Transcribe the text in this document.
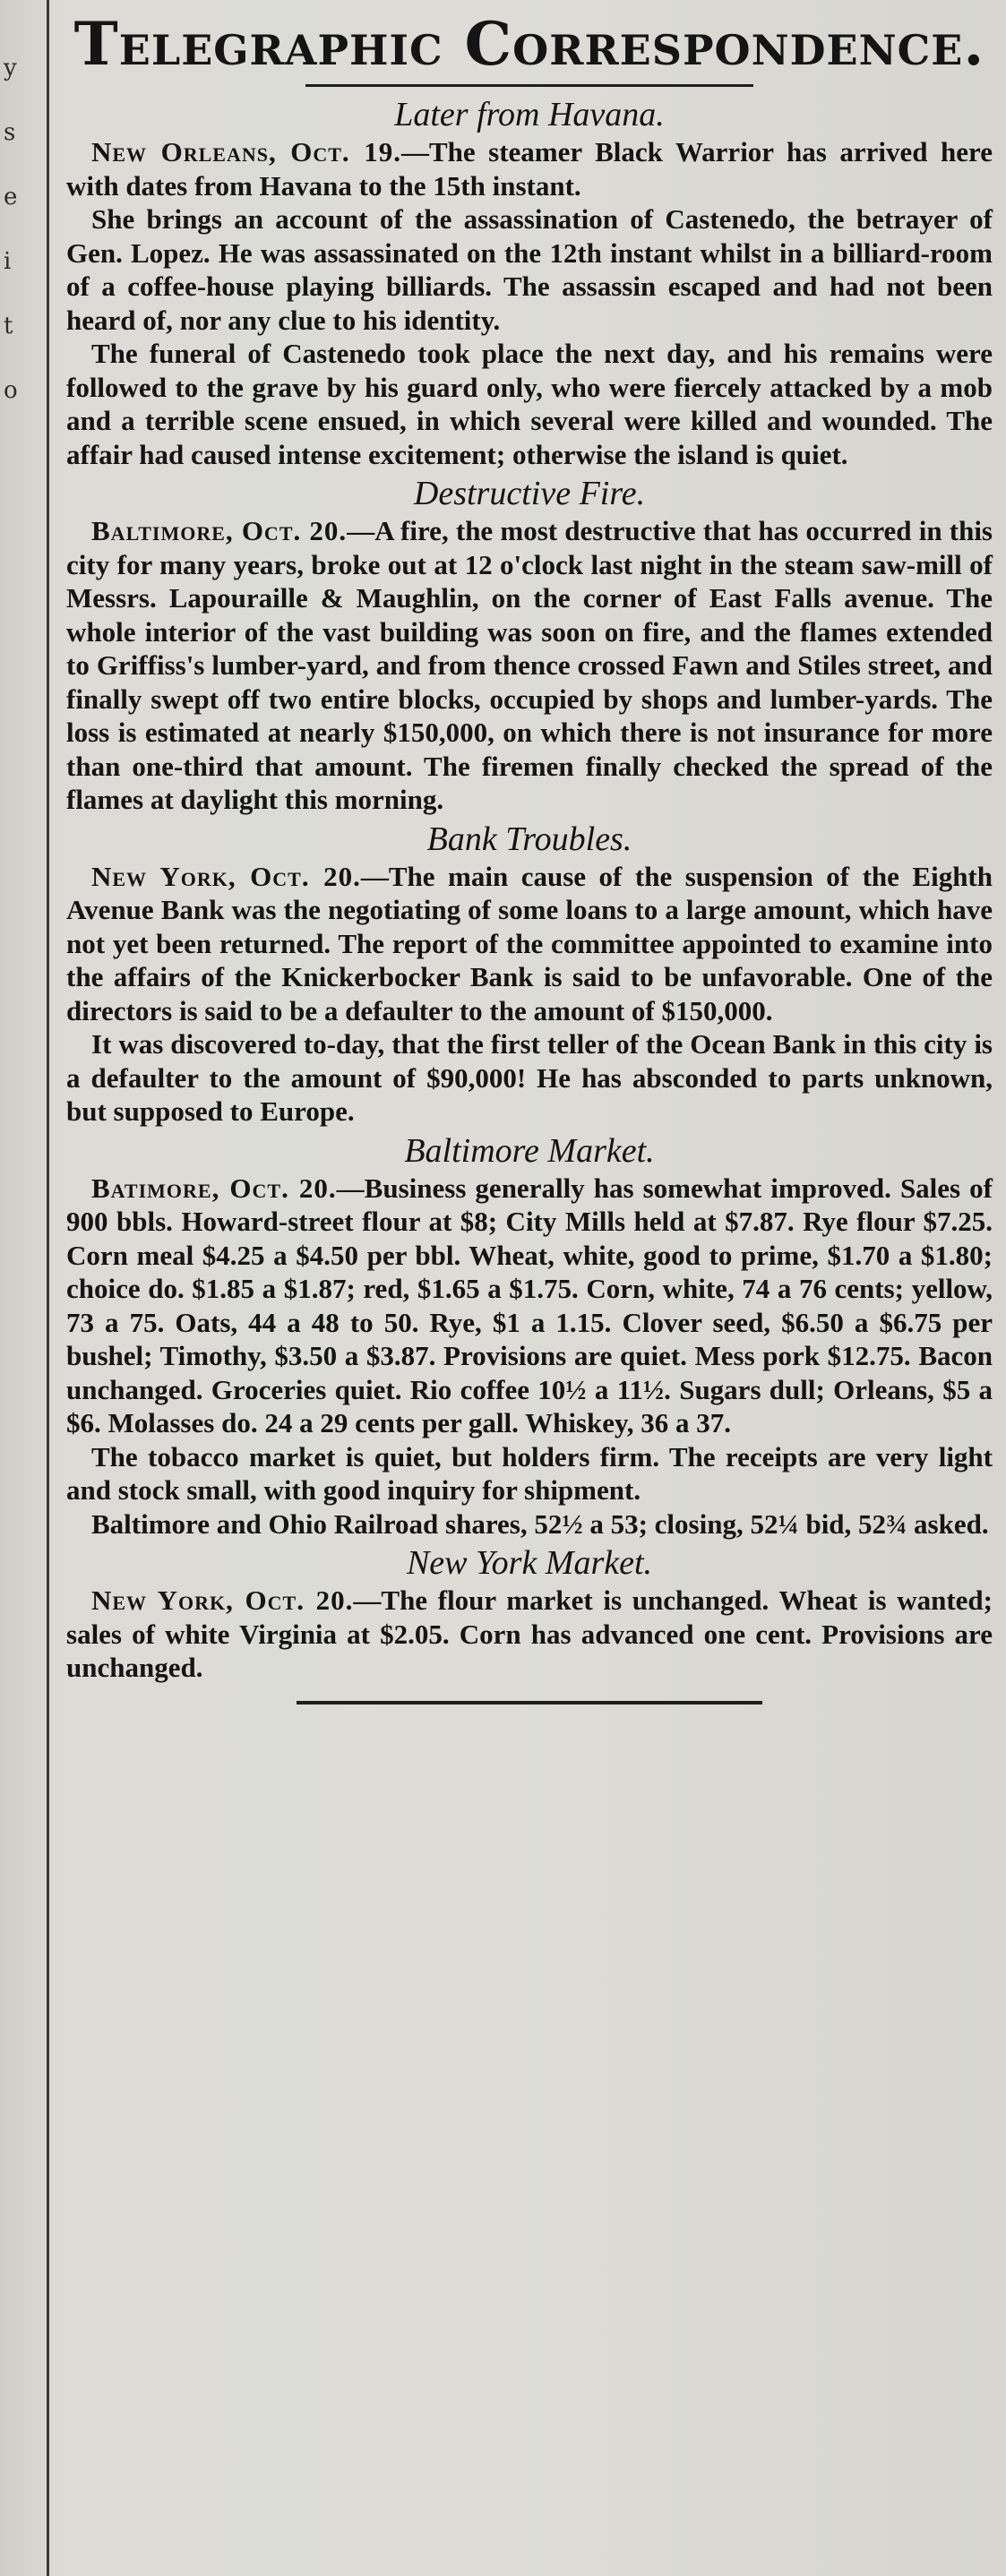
y
s
e
i
t
o
Telegraphic Correspondence.
Later from Havana.

New Orleans, Oct. 19.—The steamer Black Warrior has arrived here with dates from Havana to the 15th instant.

She brings an account of the assassination of Castenedo, the betrayer of Gen. Lopez. He was assassinated on the 12th instant whilst in a billiard-room of a coffee-house playing billiards. The assassin escaped and had not been heard of, nor any clue to his identity.

The funeral of Castenedo took place the next day, and his remains were followed to the grave by his guard only, who were fiercely attacked by a mob and a terrible scene ensued, in which several were killed and wounded. The affair had caused intense excitement; otherwise the island is quiet.

Destructive Fire.

Baltimore, Oct. 20.—A fire, the most destructive that has occurred in this city for many years, broke out at 12 o'clock last night in the steam saw-mill of Messrs. Lapouraille & Maughlin, on the corner of East Falls avenue. The whole interior of the vast building was soon on fire, and the flames extended to Griffiss's lumber-yard, and from thence crossed Fawn and Stiles street, and finally swept off two entire blocks, occupied by shops and lumber-yards. The loss is estimated at nearly $150,000, on which there is not insurance for more than one-third that amount. The firemen finally checked the spread of the flames at daylight this morning.

Bank Troubles.

New York, Oct. 20.—The main cause of the suspension of the Eighth Avenue Bank was the negotiating of some loans to a large amount, which have not yet been returned. The report of the committee appointed to examine into the affairs of the Knickerbocker Bank is said to be unfavorable. One of the directors is said to be a defaulter to the amount of $150,000.

It was discovered to-day, that the first teller of the Ocean Bank in this city is a defaulter to the amount of $90,000! He has absconded to parts unknown, but supposed to Europe.

Baltimore Market.

Batimore, Oct. 20.—Business generally has somewhat improved. Sales of 900 bbls. Howard-street flour at $8; City Mills held at $7.87. Rye flour $7.25. Corn meal $4.25 a $4.50 per bbl. Wheat, white, good to prime, $1.70 a $1.80; choice do. $1.85 a $1.87; red, $1.65 a $1.75. Corn, white, 74 a 76 cents; yellow, 73 a 75. Oats, 44 a 48 to 50. Rye, $1 a 1.15. Clover seed, $6.50 a $6.75 per bushel; Timothy, $3.50 a $3.87. Provisions are quiet. Mess pork $12.75. Bacon unchanged. Groceries quiet. Rio coffee 10½ a 11½. Sugars dull; Orleans, $5 a $6. Molasses do. 24 a 29 cents per gall. Whiskey, 36 a 37.

The tobacco market is quiet, but holders firm. The receipts are very light and stock small, with good inquiry for shipment.

Baltimore and Ohio Railroad shares, 52½ a 53; closing, 52¼ bid, 52¾ asked.

New York Market.

New York, Oct. 20.—The flour market is unchanged. Wheat is wanted; sales of white Virginia at $2.05. Corn has advanced one cent. Provisions are unchanged.
